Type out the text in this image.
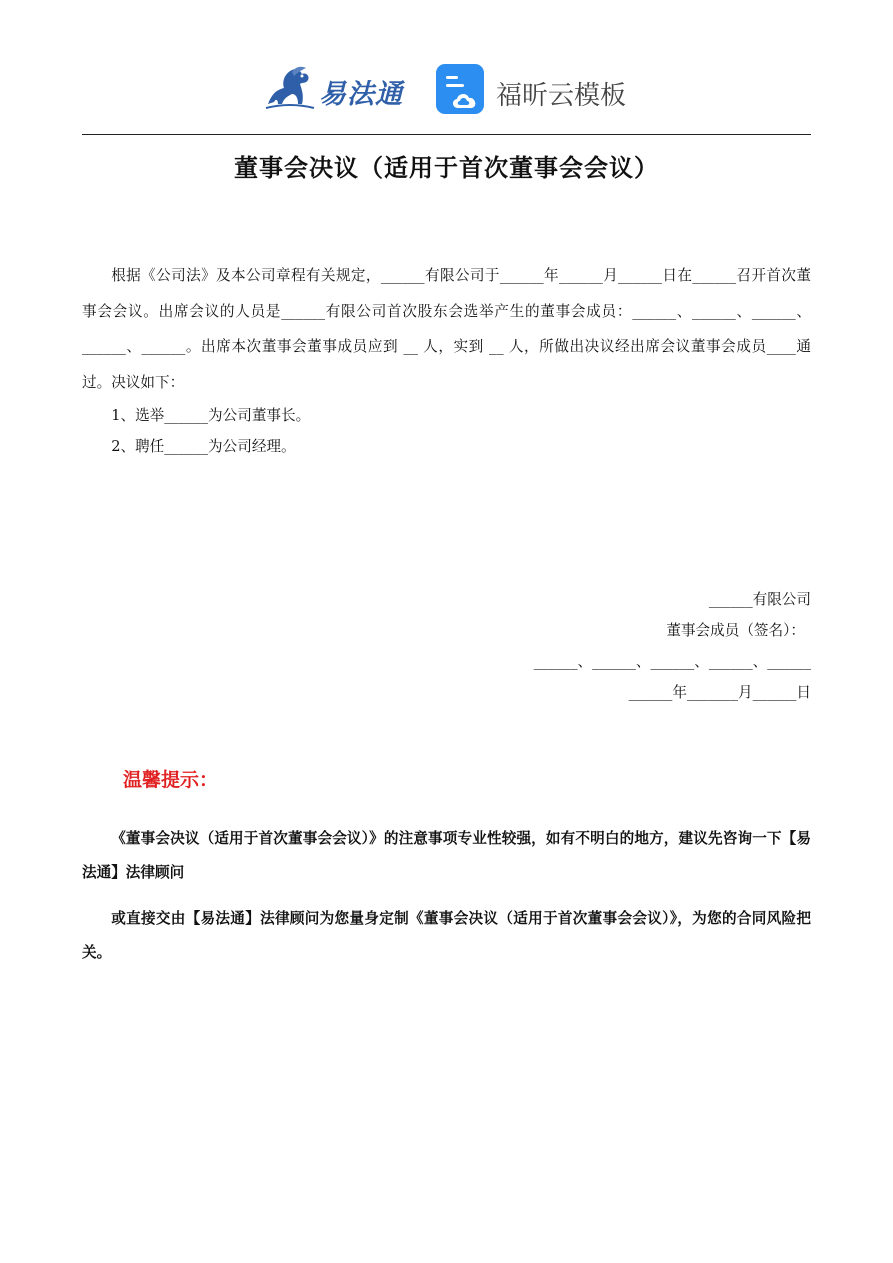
易法通	福昕云模板
董事会决议（适用于首次董事会会议）

根据《公司法》及本公司章程有关规定，______有限公司于______年______月______日在______召开首次董事会会议。出席会议的人员是______有限公司首次股东会选举产生的董事会成员：______、______、______、______、______。出席本次董事会董事成员应到 __ 人，实到 __ 人，所做出决议经出席会议董事会成员____通过。决议如下：

1、选举______为公司董事长。

2、聘任______为公司经理。

______有限公司
董事会成员（签名）：
______、______、______、______、______
______年_______月______日
温馨提示：

《董事会决议（适用于首次董事会会议）》的注意事项专业性较强，如有不明白的地方，建议先咨询一下【易法通】法律顾问

或直接交由【易法通】法律顾问为您量身定制《董事会决议（适用于首次董事会会议）》，为您的合同风险把关。
